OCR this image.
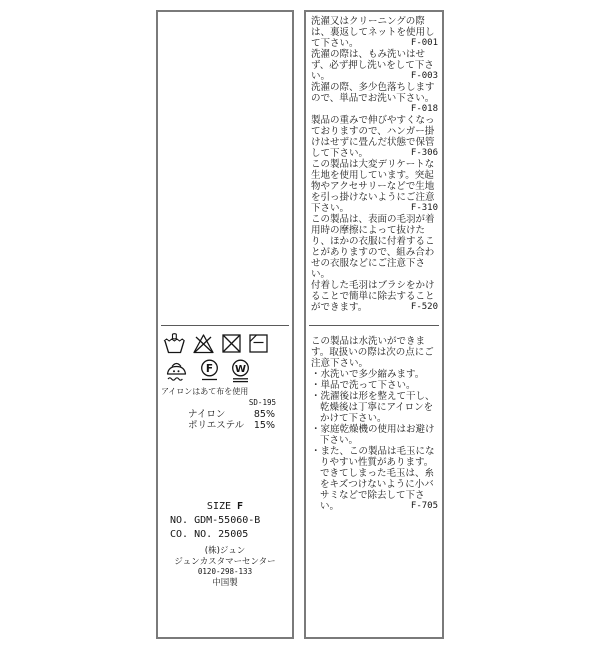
F W
アイロンはあて布を使用
SD-195
ナイロン	85%
ポリエステル 15%
SIZE F
NO. GDM-55060-B
CO. NO. 25005
(株)ジュン
ジュンカスタマーセンター
0120-298-133
中国製

洗濯又はクリーニングの際は、裏返してネットを使用して下さい。	F-001

洗濯の際は、もみ洗いはせず、必ず押し洗いをして下さい。	F-003

洗濯の際、多少色落ちしますので、単品でお洗い下さい。
F-018

製品の重みで伸びやすくなっておりますので、ハンガー掛けはせずに畳んだ状態で保管して下さい。	F-306

この製品は大変デリケートな生地を使用しています。突起物やアクセサリーなどで生地を引っ掛けないようにご注意下さい。	F-310

この製品は、表面の毛羽が着用時の摩擦によって抜けたり、ほかの衣服に付着することがありますので、組み合わせの衣服などにご注意下さい。

付着した毛羽はブラシをかけることで簡単に除去することができます。	F-520

この製品は水洗いができます。取扱いの際は次の点にご注意下さい。

・水洗いで多少縮みます。

・単品で洗って下さい。

・洗濯後は形を整えて干し、乾燥後は丁寧にアイロンをかけて下さい。

・家庭乾燥機の使用はお避け下さい。

・また、この製品は毛玉になりやすい性質があります。できてしまった毛玉は、糸をキズつけないように小バサミなどで除去して下さい。	F-705
